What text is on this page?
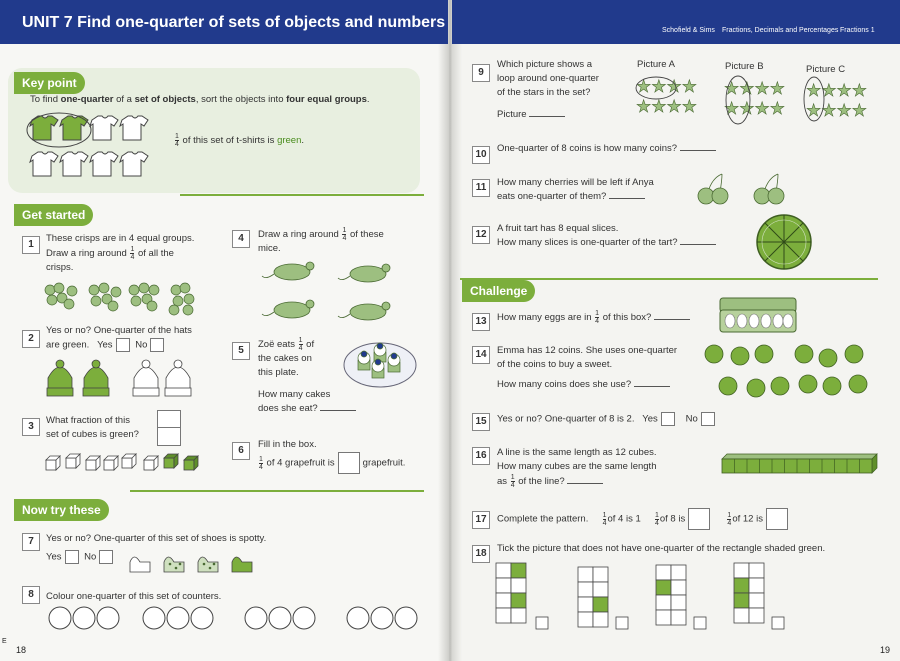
UNIT 7 Find one-quarter of sets of objects and numbers	Schofield & Sims Fractions, Decimals and Percentages Fractions 1
Key point
To find one-quarter of a set of objects, sort the objects into four equal groups.
$\frac{1}{4}$ of this set of t-shirts is green.
Get started
1
These crisps are in 4 equal groups.
Draw a ring around $\frac{1}{4}$ of all the
crisps.
2
Yes or no? One-quarter of the hats
are green. Yes No
3
What fraction of this
set of cubes is green?
4	Draw a ring around $\frac{1}{4}$ of these
mice.
5
Zoë eats $\frac{1}{4}$ of
the cakes on
this plate.
How many cakes
does she eat?
6
Fill in the box.
$\frac{1}{4}$ of 4 grapefruit is	grapefruit.
Now try these
7	Yes or no? One-quarter of this set of shoes is spotty.
Yes No
8	Colour one-quarter of this set of counters.
18
E
9
Which picture shows a
loop around one-quarter
of the stars in the set?
Picture
Picture A	Picture B	Picture C
★★★★
★★★★
★★★★
★★★★
★★★★
★★★★
10
One-quarter of 8 coins is how many coins?
11	How many cherries will be left if Anya
eats one-quarter of them?
12
A fruit tart has 8 equal slices.
How many slices is one-quarter of the tart?
Challenge
13	How many eggs are in $\frac{1}{4}$ of this box?
14	Emma has 12 coins. She uses one-quarter
of the coins to buy a sweet.
How many coins does she use?
15	Yes or no? One-quarter of 8 is 2. Yes	No
16	A line is the same length as 12 cubes.
How many cubes are the same length
as $\frac{1}{4}$ of the line?
17	Complete the pattern. $\frac{1}{4}$ of 4 is $1 \frac{1}{4}$ of 8 is	$\frac{1}{4}$ of 12 is
18	Tick the picture that does not have one-quarter of the rectangle shaded green.
19
